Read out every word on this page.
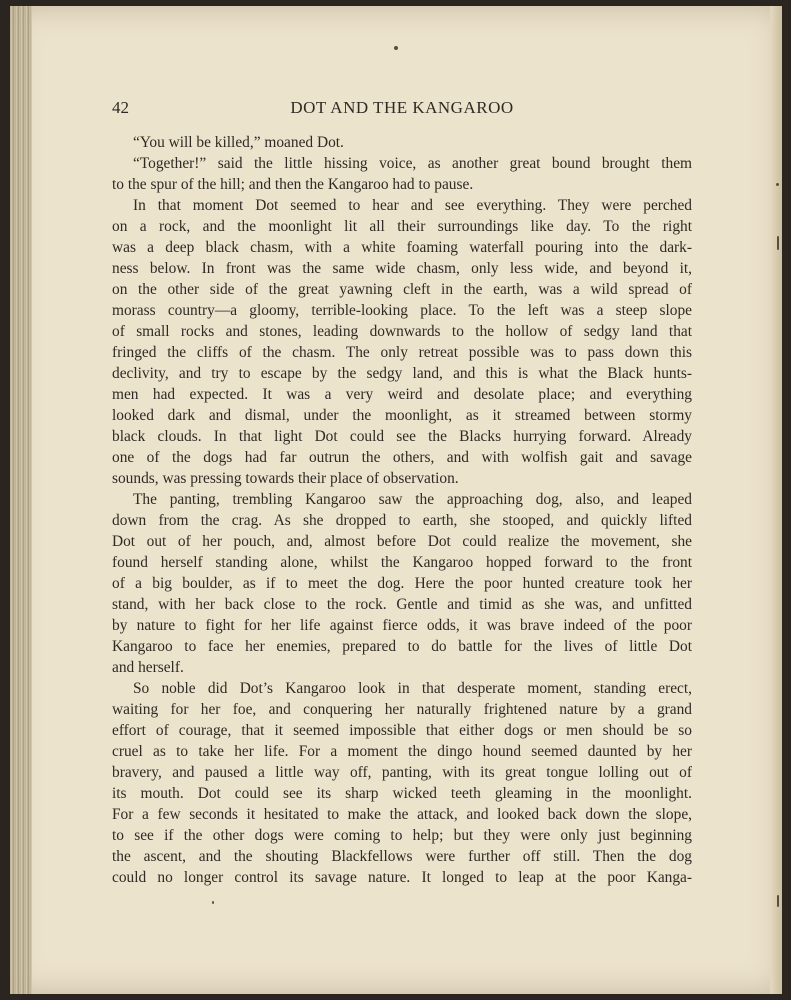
42	DOT AND THE KANGAROO
“You will be killed,” moaned Dot.
“Together!” said the little hissing voice, as another great bound brought them
to the spur of the hill; and then the Kangaroo had to pause.
In that moment Dot seemed to hear and see everything. They were perched
on a rock, and the moonlight lit all their surroundings like day. To the right
was a deep black chasm, with a white foaming waterfall pouring into the dark-
ness below. In front was the same wide chasm, only less wide, and beyond it,
on the other side of the great yawning cleft in the earth, was a wild spread of
morass country—a gloomy, terrible-looking place. To the left was a steep slope
of small rocks and stones, leading downwards to the hollow of sedgy land that
fringed the cliffs of the chasm. The only retreat possible was to pass down this
declivity, and try to escape by the sedgy land, and this is what the Black hunts-
men had expected. It was a very weird and desolate place; and everything
looked dark and dismal, under the moonlight, as it streamed between stormy
black clouds. In that light Dot could see the Blacks hurrying forward. Already
one of the dogs had far outrun the others, and with wolfish gait and savage
sounds, was pressing towards their place of observation.
The panting, trembling Kangaroo saw the approaching dog, also, and leaped
down from the crag. As she dropped to earth, she stooped, and quickly lifted
Dot out of her pouch, and, almost before Dot could realize the movement, she
found herself standing alone, whilst the Kangaroo hopped forward to the front
of a big boulder, as if to meet the dog. Here the poor hunted creature took her
stand, with her back close to the rock. Gentle and timid as she was, and unfitted
by nature to fight for her life against fierce odds, it was brave indeed of the poor
Kangaroo to face her enemies, prepared to do battle for the lives of little Dot
and herself.
So noble did Dot’s Kangaroo look in that desperate moment, standing erect,
waiting for her foe, and conquering her naturally frightened nature by a grand
effort of courage, that it seemed impossible that either dogs or men should be so
cruel as to take her life. For a moment the dingo hound seemed daunted by her
bravery, and paused a little way off, panting, with its great tongue lolling out of
its mouth. Dot could see its sharp wicked teeth gleaming in the moonlight.
For a few seconds it hesitated to make the attack, and looked back down the slope,
to see if the other dogs were coming to help; but they were only just beginning
the ascent, and the shouting Blackfellows were further off still. Then the dog
could no longer control its savage nature. It longed to leap at the poor Kanga-
